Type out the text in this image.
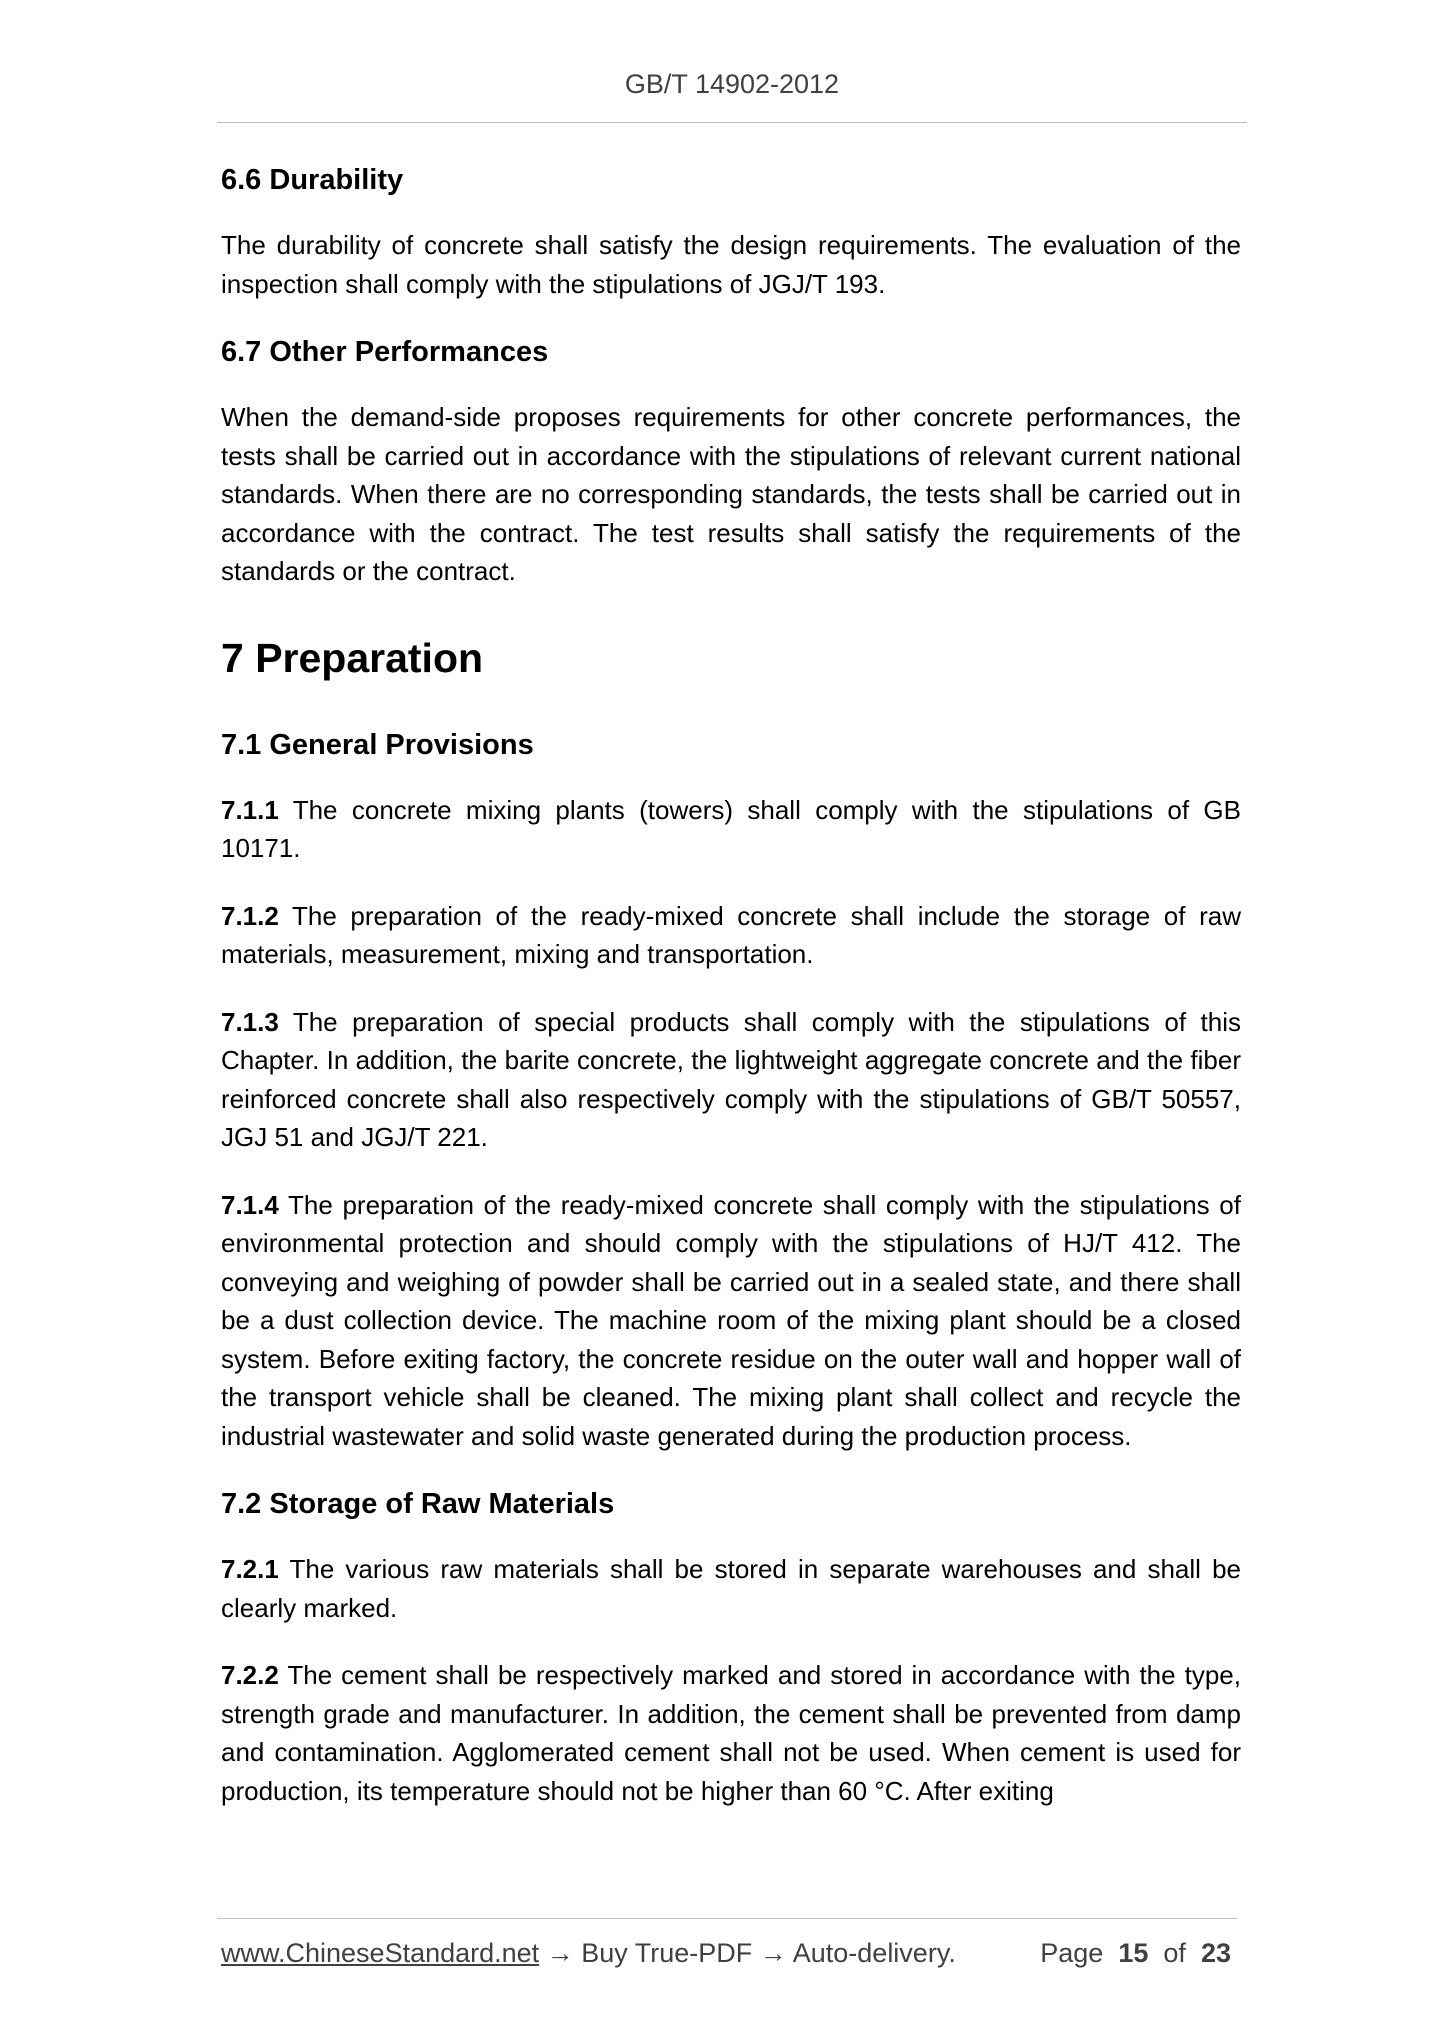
GB/T 14902-2012
6.6 Durability

The durability of concrete shall satisfy the design requirements. The evaluation of the inspection shall comply with the stipulations of JGJ/T 193.

6.7 Other Performances

When the demand-side proposes requirements for other concrete performances, the tests shall be carried out in accordance with the stipulations of relevant current national standards. When there are no corresponding standards, the tests shall be carried out in accordance with the contract. The test results shall satisfy the requirements of the standards or the contract.

7 Preparation
7.1 General Provisions

7.1.1 The concrete mixing plants (towers) shall comply with the stipulations of GB 10171.

7.1.2 The preparation of the ready-mixed concrete shall include the storage of raw materials, measurement, mixing and transportation.

7.1.3 The preparation of special products shall comply with the stipulations of this Chapter. In addition, the barite concrete, the lightweight aggregate concrete and the fiber reinforced concrete shall also respectively comply with the stipulations of GB/T 50557, JGJ 51 and JGJ/T 221.

7.1.4 The preparation of the ready-mixed concrete shall comply with the stipulations of environmental protection and should comply with the stipulations of HJ/T 412. The conveying and weighing of powder shall be carried out in a sealed state, and there shall be a dust collection device. The machine room of the mixing plant should be a closed system. Before exiting factory, the concrete residue on the outer wall and hopper wall of the transport vehicle shall be cleaned. The mixing plant shall collect and recycle the industrial wastewater and solid waste generated during the production process.

7.2 Storage of Raw Materials

7.2.1 The various raw materials shall be stored in separate warehouses and shall be clearly marked.

7.2.2 The cement shall be respectively marked and stored in accordance with the type, strength grade and manufacturer. In addition, the cement shall be prevented from damp and contamination. Agglomerated cement shall not be used. When cement is used for production, its temperature should not be higher than 60 °C. After exiting

www.ChineseStandard.net → Buy True-PDF → Auto-delivery.	Page 15 of 23
